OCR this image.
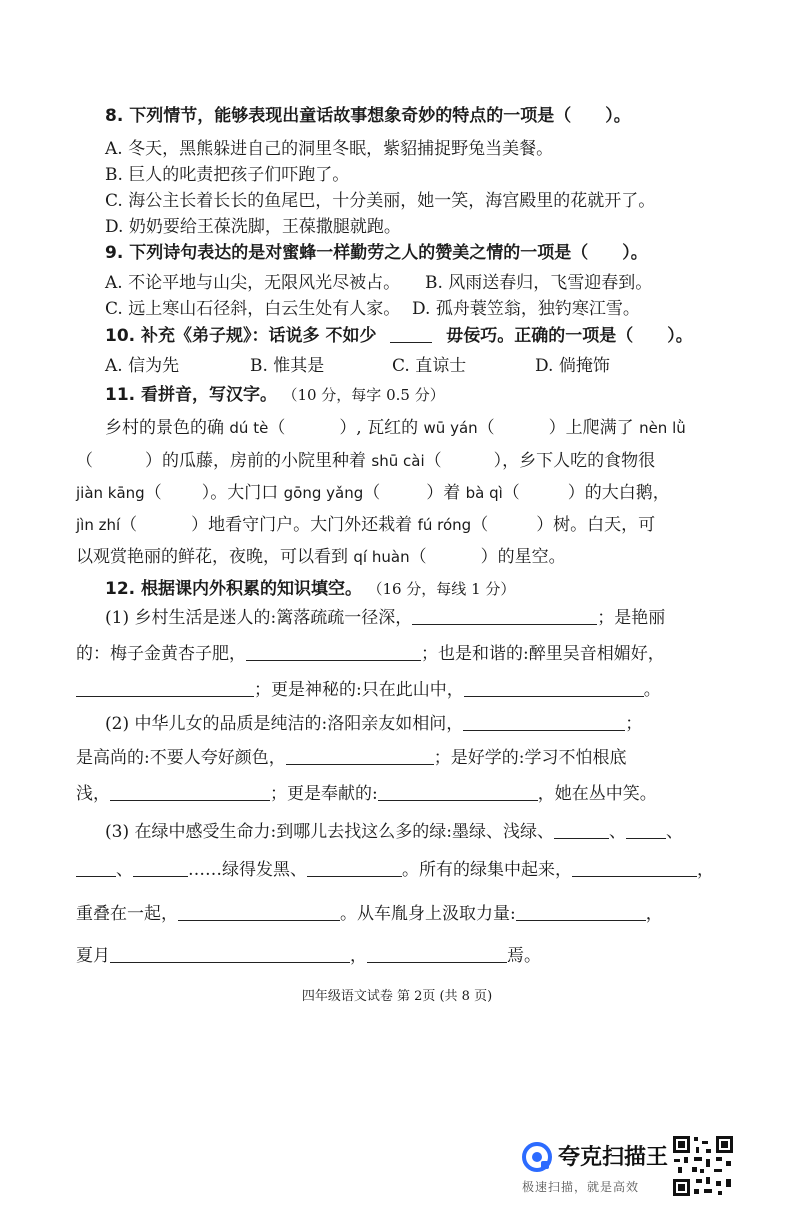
8. 下列情节，能够表现出童话故事想象奇妙的特点的一项是（　　）。
A. 冬天，黑熊躲进自己的洞里冬眠，紫貂捕捉野兔当美餐。
B. 巨人的叱责把孩子们吓跑了。
C. 海公主长着长长的鱼尾巴，十分美丽，她一笑，海宫殿里的花就开了。
D. 奶奶要给王葆洗脚，王葆撒腿就跑。
9. 下列诗句表达的是对蜜蜂一样勤劳之人的赞美之情的一项是（　　）。
A. 不论平地与山尖，无限风光尽被占。 B. 风雨送春归，飞雪迎春到。
C. 远上寒山石径斜，白云生处有人家。 D. 孤舟蓑笠翁，独钓寒江雪。
10. 补充《弟子规》：话说多 不如少	毋佞巧。正确的一项是（　　）。
A. 信为先	B. 惟其是	C. 直谅士	D. 倘掩饰
11. 看拼音，写汉字。 （10 分，每字 0.5 分）
乡村的景色的确 dú tè（	）, 瓦红的 wū yán（	）上爬满了 nèn lǜ
（	）的瓜藤，房前的小院里种着 shū cài（	），乡下人吃的食物很
jiàn kāng（ ）。大门口 gōng yǎng（	）着 bà qì（	）的大白鹅，
jìn zhí（	）地看守门户。大门外还栽着 fú róng（	）树。白天，可
以观赏艳丽的鲜花，夜晚，可以看到 qí huàn（	）的星空。
12. 根据课内外积累的知识填空。 （16 分，每线 1 分）
(1) 乡村生活是迷人的:篱落疏疏一径深，	；是艳丽
的：梅子金黄杏子肥，	；也是和谐的:醉里吴音相媚好，
；更是神秘的:只在此山中，	。
(2) 中华儿女的品质是纯洁的:洛阳亲友如相问，	；
是高尚的:不要人夸好颜色，	；是好学的:学习不怕根底
浅，	；更是奉献的:	，她在丛中笑。
(3) 在绿中感受生命力:到哪儿去找这么多的绿:墨绿、浅绿、	、 、
、	……绿得发黑、	。所有的绿集中起来，	，
重叠在一起，	。从车胤身上汲取力量:	，
夏月	，	焉。
四年级语文试卷 第 2页 (共 8 页)
夸克扫描王
极速扫描，就是高效
